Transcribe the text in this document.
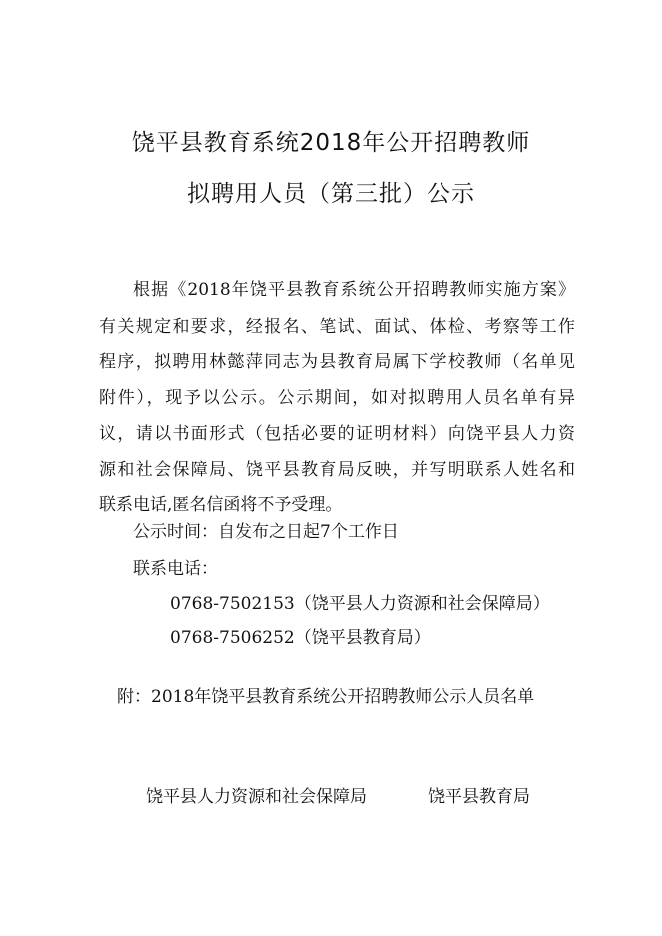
饶平县教育系统2018年公开招聘教师
拟聘用人员（第三批）公示
根据《2018年饶平县教育系统公开招聘教师实施方案》
有关规定和要求，经报名、笔试、面试、体检、考察等工作
程序，拟聘用林懿萍同志为县教育局属下学校教师（名单见
附件），现予以公示。公示期间，如对拟聘用人员名单有异
议，请以书面形式（包括必要的证明材料）向饶平县人力资
源和社会保障局、饶平县教育局反映，并写明联系人姓名和
联系电话,匿名信函将不予受理。
公示时间：自发布之日起7个工作日
联系电话：
0768-7502153（饶平县人力资源和社会保障局）
0768-7506252（饶平县教育局）
附：2018年饶平县教育系统公开招聘教师公示人员名单
饶平县人力资源和社会保障局	饶平县教育局
